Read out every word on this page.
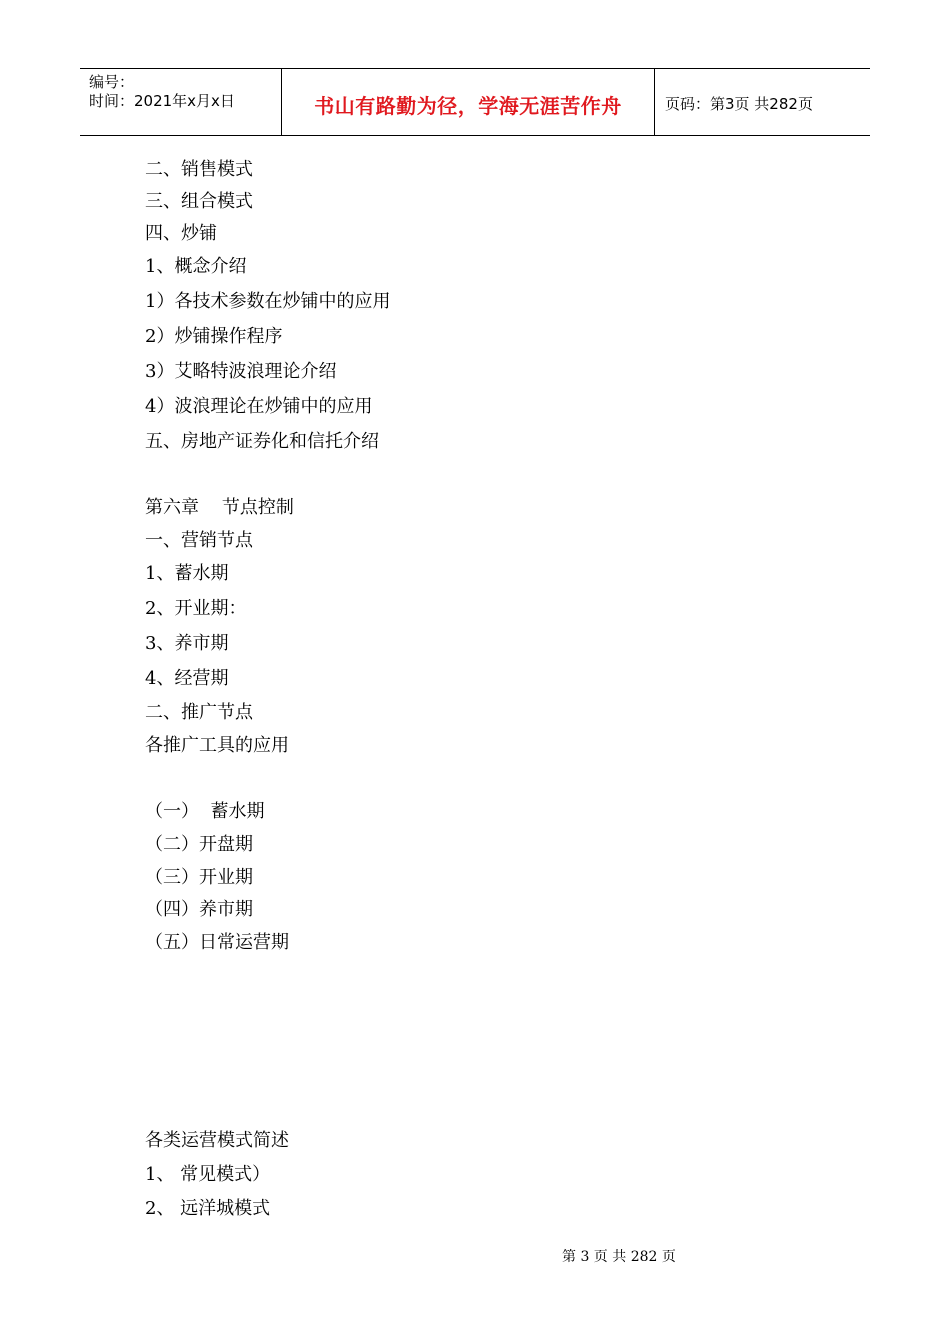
编号：
时间：2021年x月x日	书山有路勤为径，学海无涯苦作舟	页码：第3页 共282页
二、销售模式
三、组合模式
四、炒铺
1、概念介绍
1）各技术参数在炒铺中的应用
2）炒铺操作程序
3）艾略特波浪理论介绍
4）波浪理论在炒铺中的应用
五、房地产证券化和信托介绍
第六章    节点控制
一、营销节点
1、蓄水期
2、开业期：
3、养市期
4、经营期
二、推广节点
各推广工具的应用
（一）  蓄水期
（二）开盘期
（三）开业期
（四）养市期
（五）日常运营期
各类运营模式简述
1、 常见模式）
2、 远洋城模式
第 3 页 共 282 页
